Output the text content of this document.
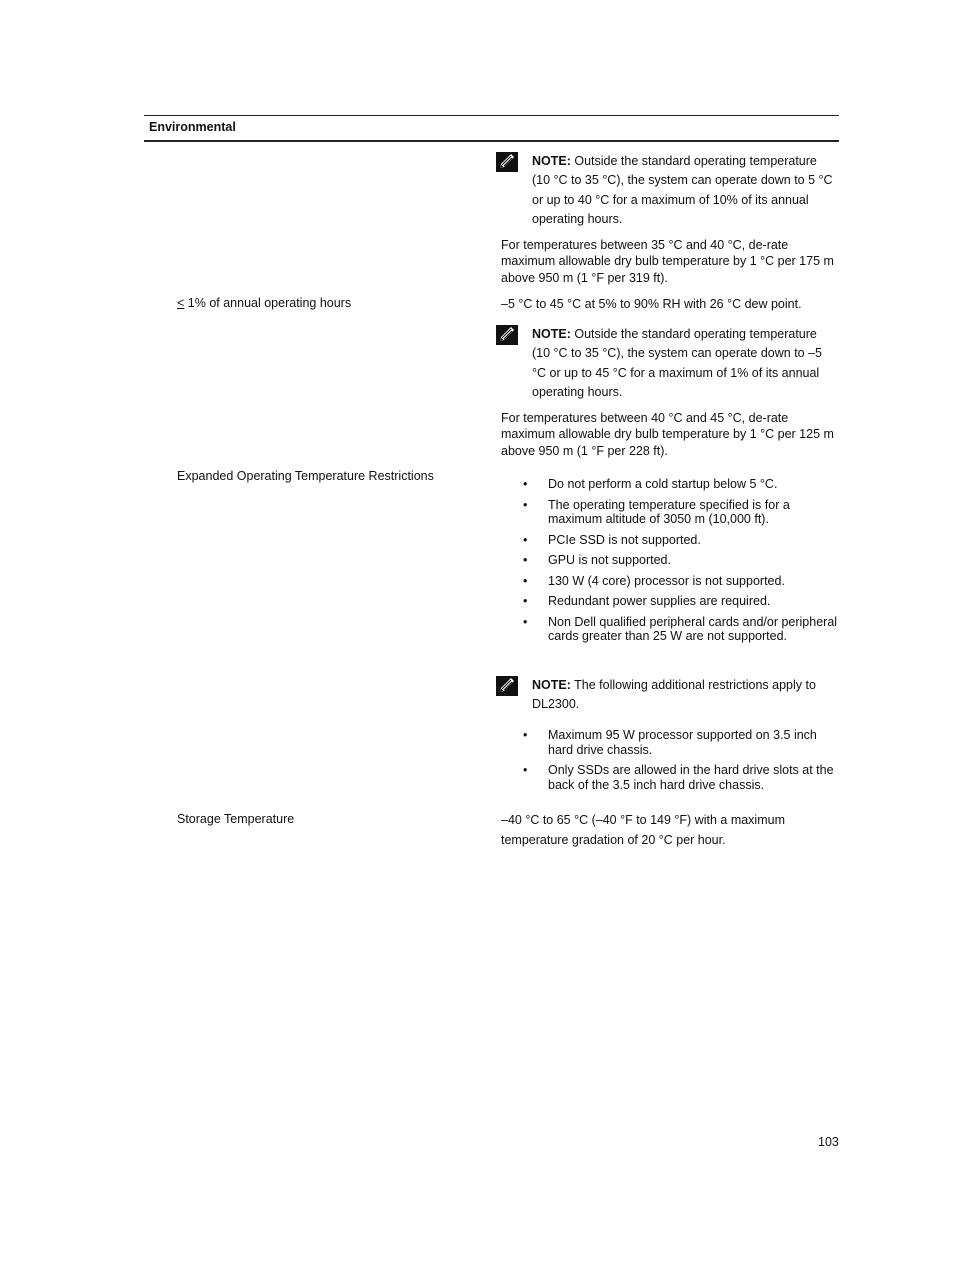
Environmental
NOTE: Outside the standard operating temperature (10 °C to 35 °C), the system can operate down to 5 °C or up to 40 °C for a maximum of 10% of its annual operating hours.
For temperatures between 35 °C and 40 °C, de-rate maximum allowable dry bulb temperature by 1 °C per 175 m above 950 m (1 °F per 319 ft).
≤ 1% of annual operating hours	–5 °C to 45 °C at 5% to 90% RH with 26 °C dew point.
NOTE: Outside the standard operating temperature (10 °C to 35 °C), the system can operate down to –5 °C or up to 45 °C for a maximum of 1% of its annual operating hours.
For temperatures between 40 °C and 45 °C, de-rate maximum allowable dry bulb temperature by 1 °C per 125 m above 950 m (1 °F per 228 ft).
Expanded Operating Temperature Restrictions
• Do not perform a cold startup below 5 °C.
• The operating temperature specified is for a maximum altitude of 3050 m (10,000 ft).
• PCIe SSD is not supported.
• GPU is not supported.
• 130 W (4 core) processor is not supported.
• Redundant power supplies are required.
• Non Dell qualified peripheral cards and/or peripheral cards greater than 25 W are not supported.
NOTE: The following additional restrictions apply to DL2300.
• Maximum 95 W processor supported on 3.5 inch hard drive chassis.
• Only SSDs are allowed in the hard drive slots at the back of the 3.5 inch hard drive chassis.
Storage Temperature	–40 °C to 65 °C (–40 °F to 149 °F) with a maximum temperature gradation of 20 °C per hour.
103
